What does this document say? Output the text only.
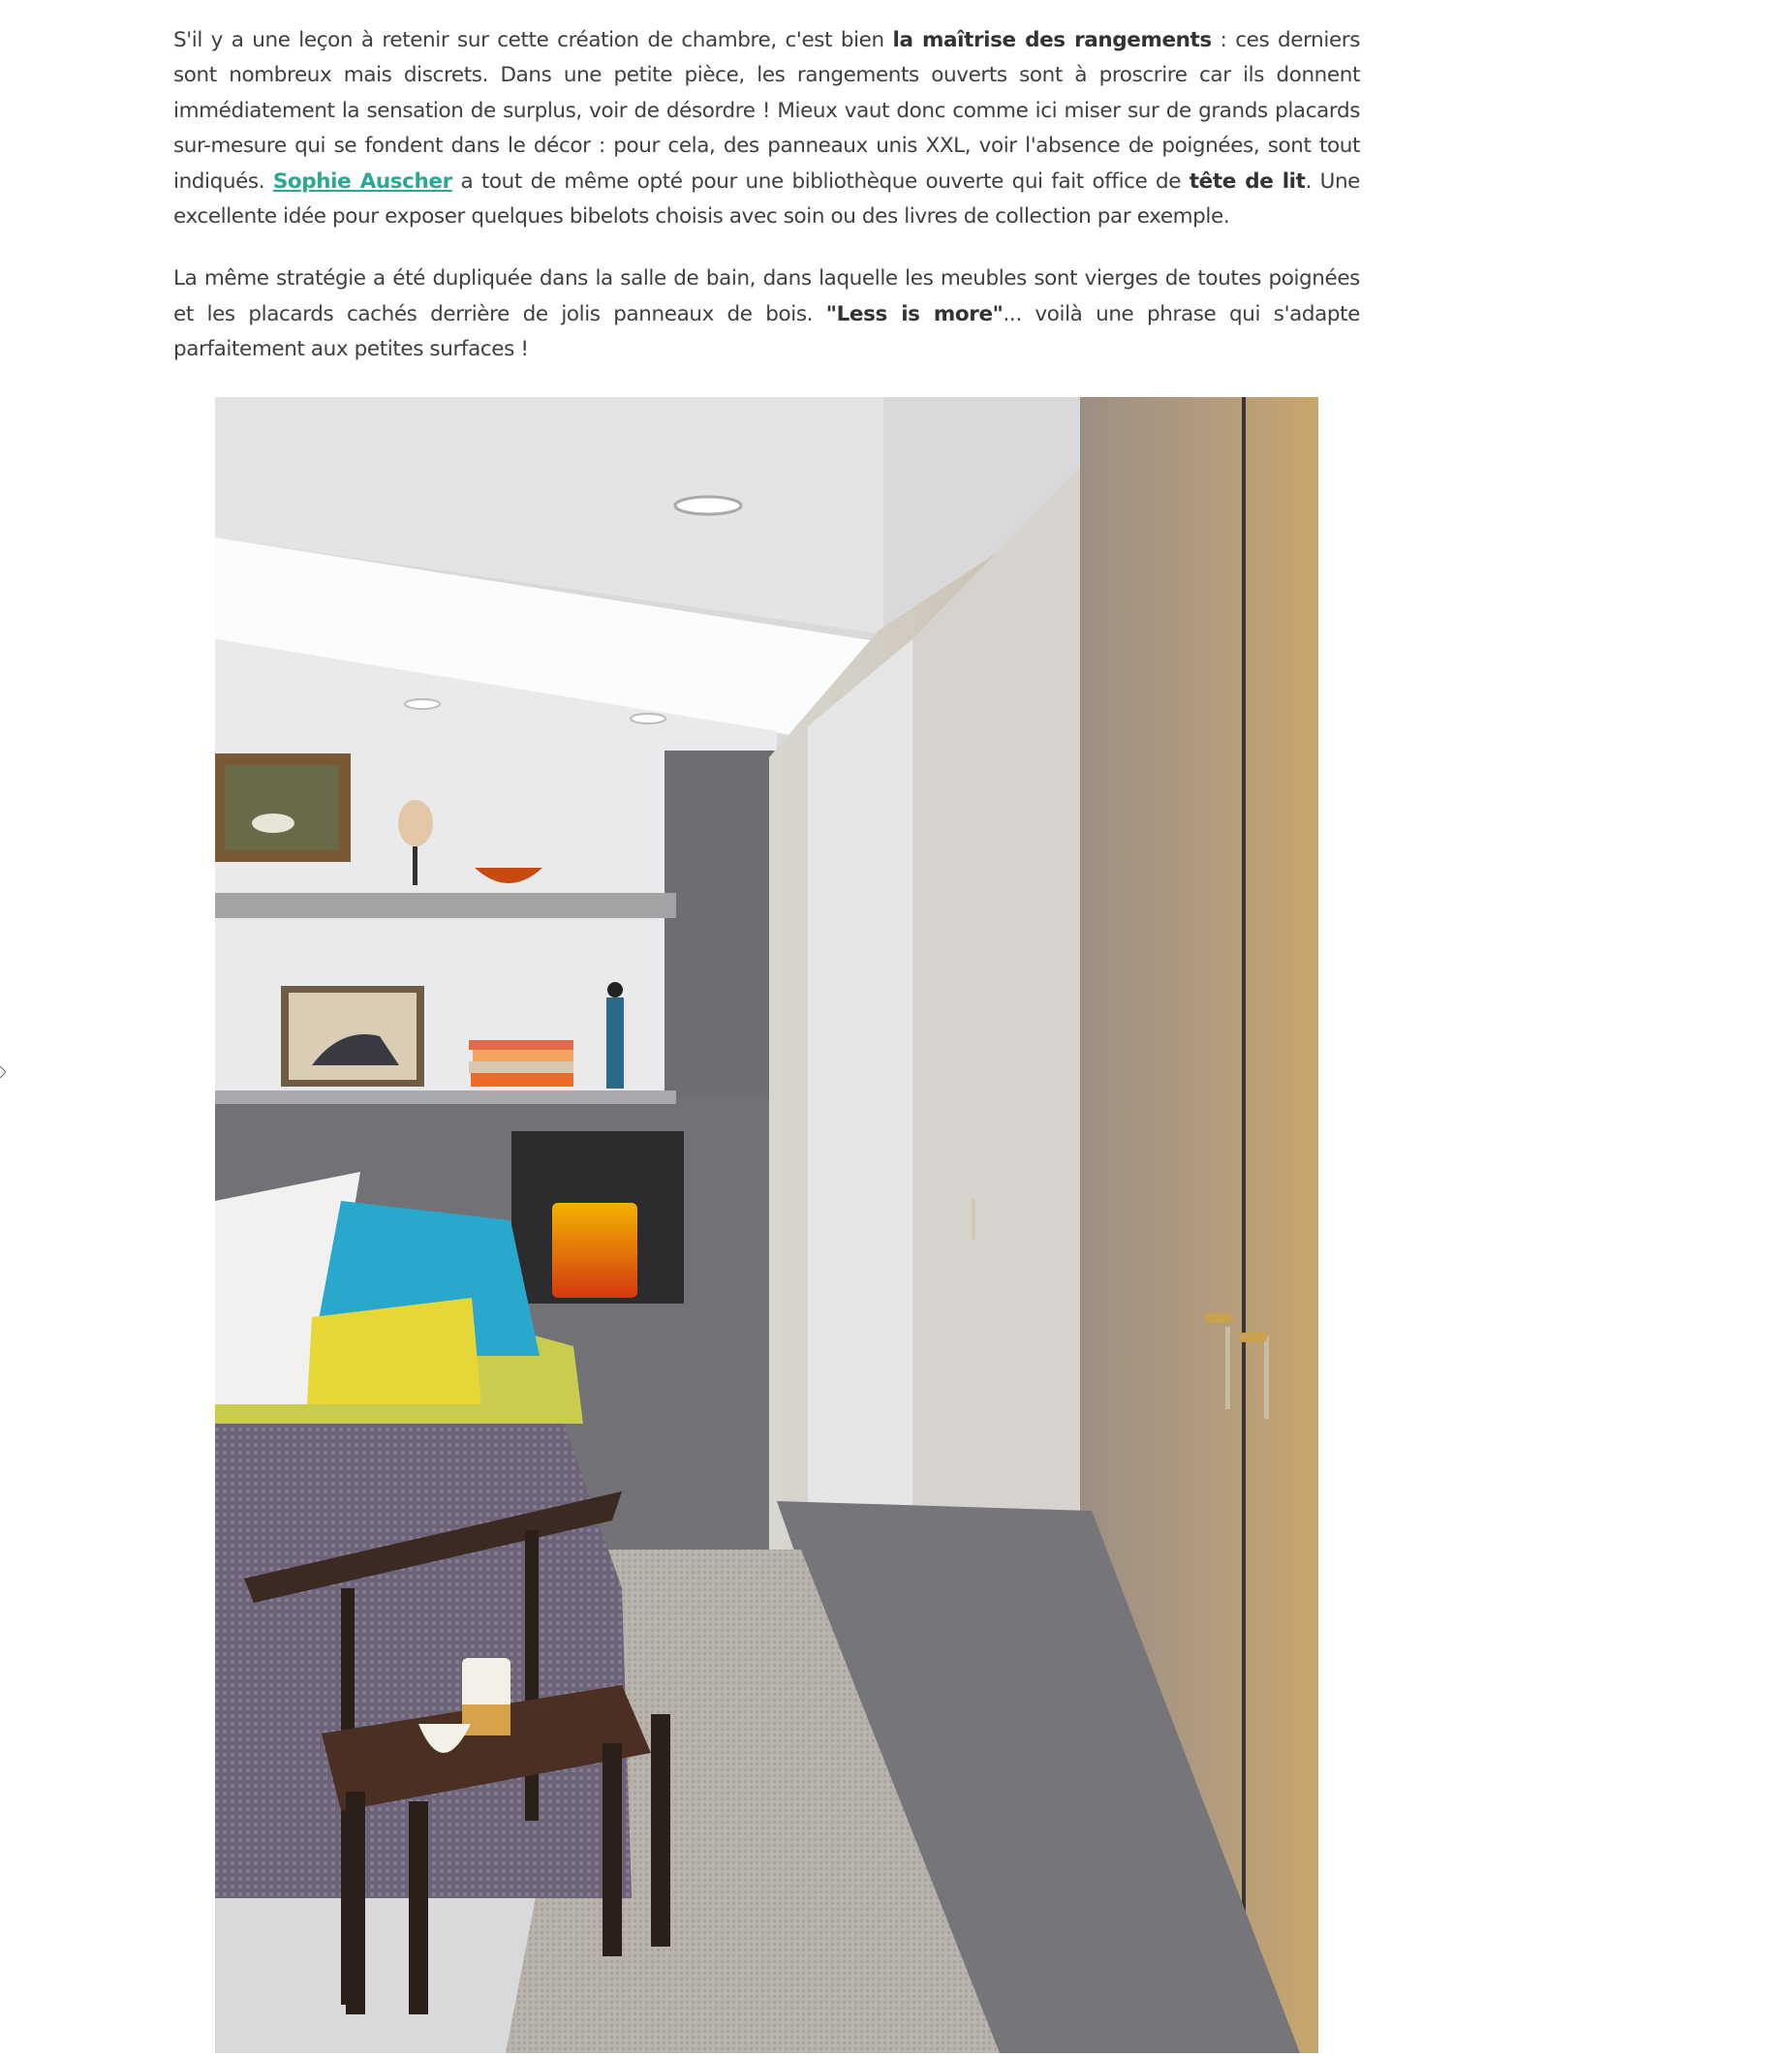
S'il y a une leçon à retenir sur cette création de chambre, c'est bien la maîtrise des rangements : ces derniers sont nombreux mais discrets. Dans une petite pièce, les rangements ouverts sont à proscrire car ils donnent immédiatement la sensation de surplus, voir de désordre ! Mieux vaut donc comme ici miser sur de grands placards sur-mesure qui se fondent dans le décor : pour cela, des panneaux unis XXL, voir l'absence de poignées, sont tout indiqués. Sophie Auscher a tout de même opté pour une bibliothèque ouverte qui fait office de tête de lit. Une excellente idée pour exposer quelques bibelots choisis avec soin ou des livres de collection par exemple.

La même stratégie a été dupliquée dans la salle de bain, dans laquelle les meubles sont vierges de toutes poignées et les placards cachés derrière de jolis panneaux de bois. "Less is more"... voilà une phrase qui s'adapte parfaitement aux petites surfaces !
